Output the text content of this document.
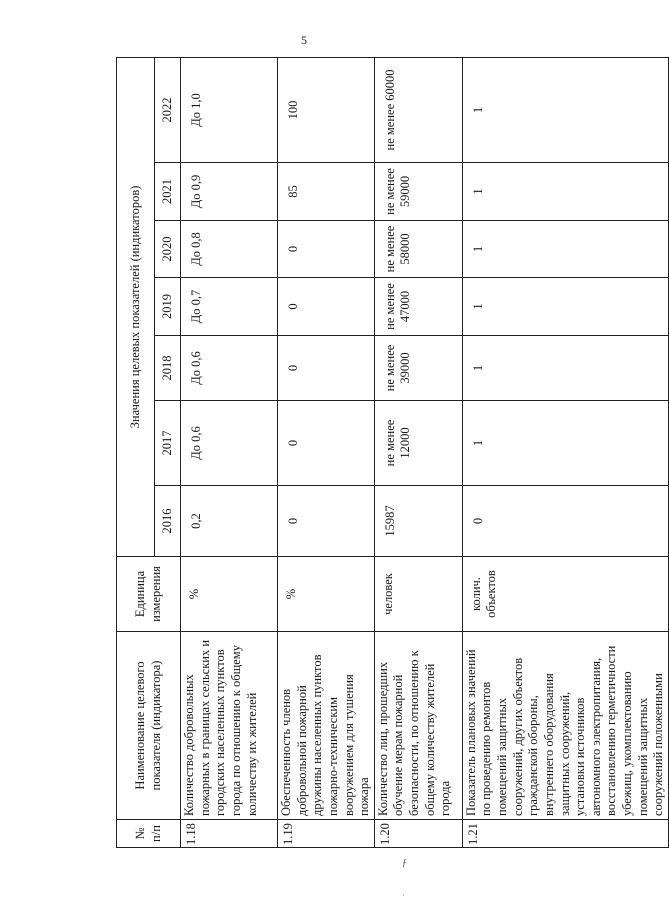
5
№ п/п	Наименование целевого показателя (индикатора)	Единица измерения	Значения целевых показателей (индикаторов)						
			2016	2017	2018	2019	2020	2021	2022
1.18	Количество добровольных пожарных в границах сельских и городских населенных пунктов города по отношению к общему количеству их жителей	%	0,2	До 0,6	До 0,6	До 0,7	До 0,8	До 0,9	До 1,0
1.19	Обеспеченность членов добровольной пожарной дружины населенных пунктов пожарно-техническим вооружением для тушения пожара	%	0	0	0	0	0	85	100
1.20	Количество лиц, прошедших обучение мерам пожарной безопасности, по отношению к общему количеству жителей города	человек	15987	не менее 12000	не менее 39000	не менее 47000	не менее 58000	не менее 59000	не менее 60000
1.21	Показатель плановых значений по проведению ремонтов помещений защитных сооружений, других объектов гражданской обороны, внутреннего оборудования защитных сооружений, установки источников автономного электропитания, восстановлению герметичности убежищ, укомплектованию помещений защитных сооружений положенными	колич. объектов	0	1	1	1	1	1	1
ƒ
·
